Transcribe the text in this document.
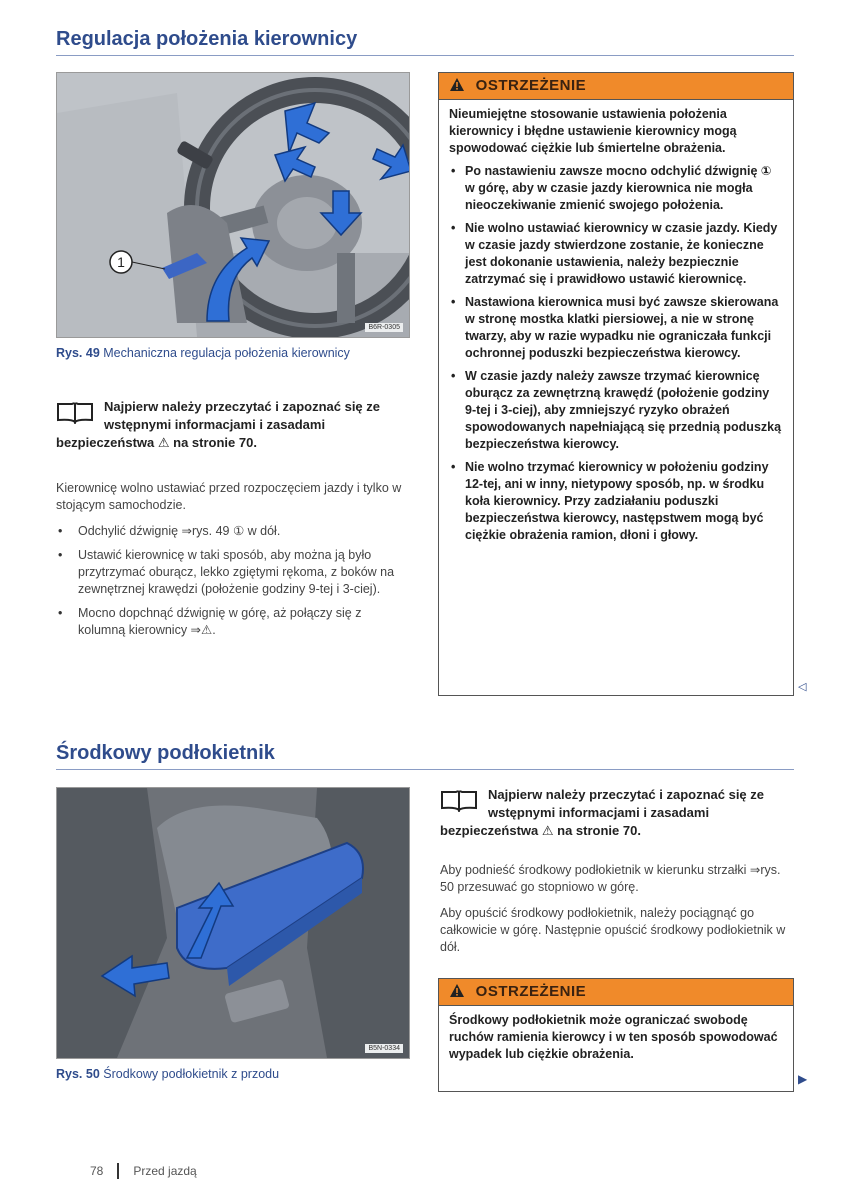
Regulacja położenia kierownicy
1
B6R-0305
Rys. 49 Mechaniczna regulacja położenia kierownicy
Najpierw należy przeczytać i zapoznać się ze wstępnymi informacjami i zasadami bezpieczeństwa ⚠ na stronie 70.

Kierownicę wolno ustawiać przed rozpoczęciem jazdy i tylko w stojącym samochodzie.

• Odchylić dźwignię ⇒rys. 49 ① w dół.
• Ustawić kierownicę w taki sposób, aby można ją było przytrzymać oburącz, lekko zgiętymi rękoma, z boków na zewnętrznej krawędzi (położenie godziny 9-tej i 3-ciej).
• Mocno dopchnąć dźwignię w górę, aż połączy się z kolumną kierownicy ⇒⚠.
OSTRZEŻENIE

Nieumiejętne stosowanie ustawienia położenia kierownicy i błędne ustawienie kierownicy mogą spowodować ciężkie lub śmiertelne obrażenia.

• Po nastawieniu zawsze mocno odchylić dźwignię ① w górę, aby w czasie jazdy kierownica nie mogła nieoczekiwanie zmienić swojego położenia.
• Nie wolno ustawiać kierownicy w czasie jazdy. Kiedy w czasie jazdy stwierdzone zostanie, że konieczne jest dokonanie ustawienia, należy bezpiecznie zatrzymać się i prawidłowo ustawić kierownicę.
• Nastawiona kierownica musi być zawsze skierowana w stronę mostka klatki piersiowej, a nie w stronę twarzy, aby w razie wypadku nie ograniczała funkcji ochronnej poduszki bezpieczeństwa kierowcy.
• W czasie jazdy należy zawsze trzymać kierownicę oburącz za zewnętrzną krawędź (położenie godziny 9-tej i 3-ciej), aby zmniejszyć ryzyko obrażeń spowodowanych napełniającą się przednią poduszką bezpieczeństwa kierowcy.
• Nie wolno trzymać kierownicy w położeniu godziny 12-tej, ani w inny, nietypowy sposób, np. w środku koła kierownicy. Przy zadziałaniu poduszki bezpieczeństwa kierowcy, następstwem mogą być ciężkie obrażenia ramion, dłoni i głowy.
◁
Środkowy podłokietnik
B5N-0334
Rys. 50 Środkowy podłokietnik z przodu
Najpierw należy przeczytać i zapoznać się ze wstępnymi informacjami i zasadami bezpieczeństwa ⚠ na stronie 70.

Aby podnieść środkowy podłokietnik w kierunku strzałki ⇒rys. 50 przesuwać go stopniowo w górę.

Aby opuścić środkowy podłokietnik, należy pociągnąć go całkowicie w górę. Następnie opuścić środkowy podłokietnik w dół.

OSTRZEŻENIE

Środkowy podłokietnik może ograniczać swobodę ruchów ramienia kierowcy i w ten sposób spowodować wypadek lub ciężkie obrażenia.

▶
78	Przed jazdą
